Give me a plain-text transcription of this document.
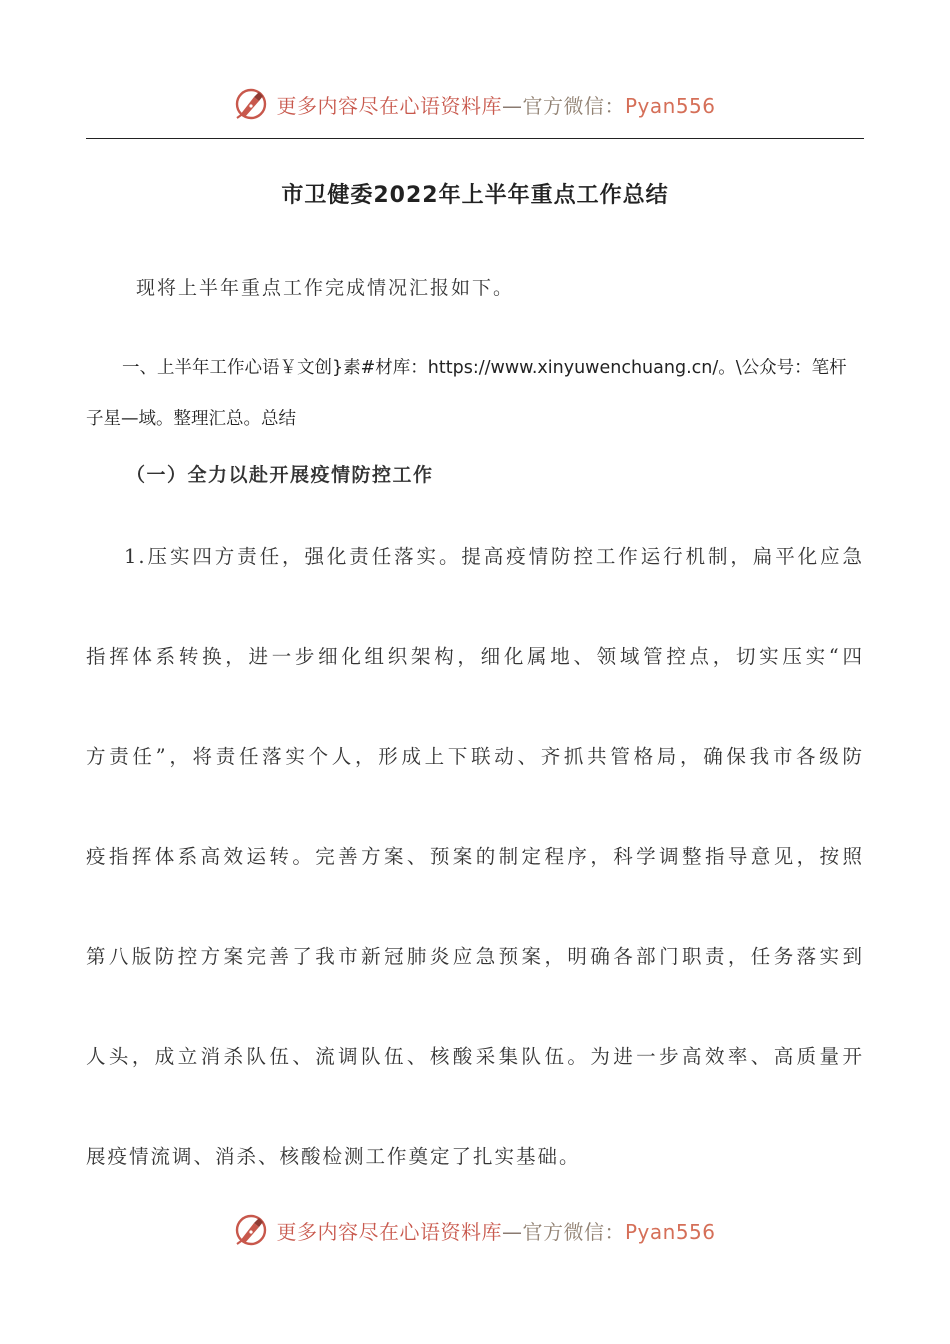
更多内容尽在心语资料库—官方微信：Pyan556
市卫健委2022年上半年重点工作总结
现将上半年重点工作完成情况汇报如下。
一、上半年工作心语￥文创}素#材库：https://www.xinyuwenchuang.cn/。\公众号：笔杆子星—域。整理汇总。总结
（一）全力以赴开展疫情防控工作
1.压实四方责任，强化责任落实。提高疫情防控工作运行机制，扁平化应急
指挥体系转换，进一步细化组织架构，细化属地、领域管控点，切实压实“四
方责任”，将责任落实个人，形成上下联动、齐抓共管格局，确保我市各级防
疫指挥体系高效运转。完善方案、预案的制定程序，科学调整指导意见，按照
第八版防控方案完善了我市新冠肺炎应急预案，明确各部门职责，任务落实到
人头，成立消杀队伍、流调队伍、核酸采集队伍。为进一步高效率、高质量开
展疫情流调、消杀、核酸检测工作奠定了扎实基础。
更多内容尽在心语资料库—官方微信：Pyan556
